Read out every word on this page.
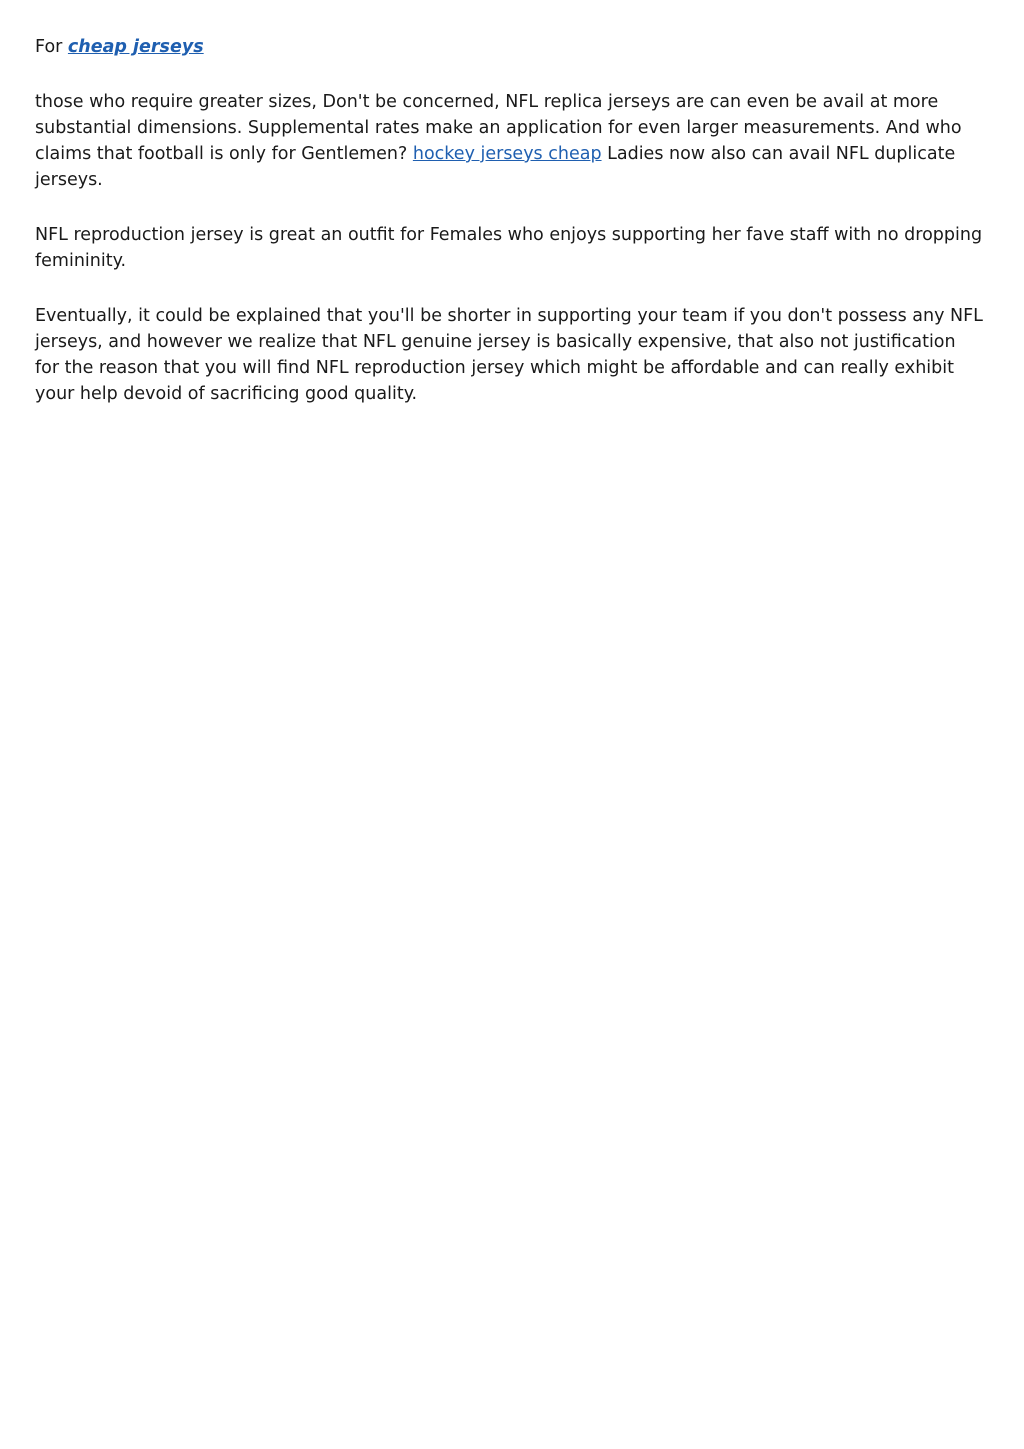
For cheap jerseys

those who require greater sizes, Don't be concerned, NFL replica jerseys are can even be avail at more substantial dimensions. Supplemental rates make an application for even larger measurements. And who claims that football is only for Gentlemen? hockey jerseys cheap Ladies now also can avail NFL duplicate jerseys.

NFL reproduction jersey is great an outfit for Females who enjoys supporting her fave staff with no dropping femininity.

Eventually, it could be explained that you'll be shorter in supporting your team if you don't possess any NFL jerseys, and however we realize that NFL genuine jersey is basically expensive, that also not justification for the reason that you will find NFL reproduction jersey which might be affordable and can really exhibit your help devoid of sacrificing good quality.
